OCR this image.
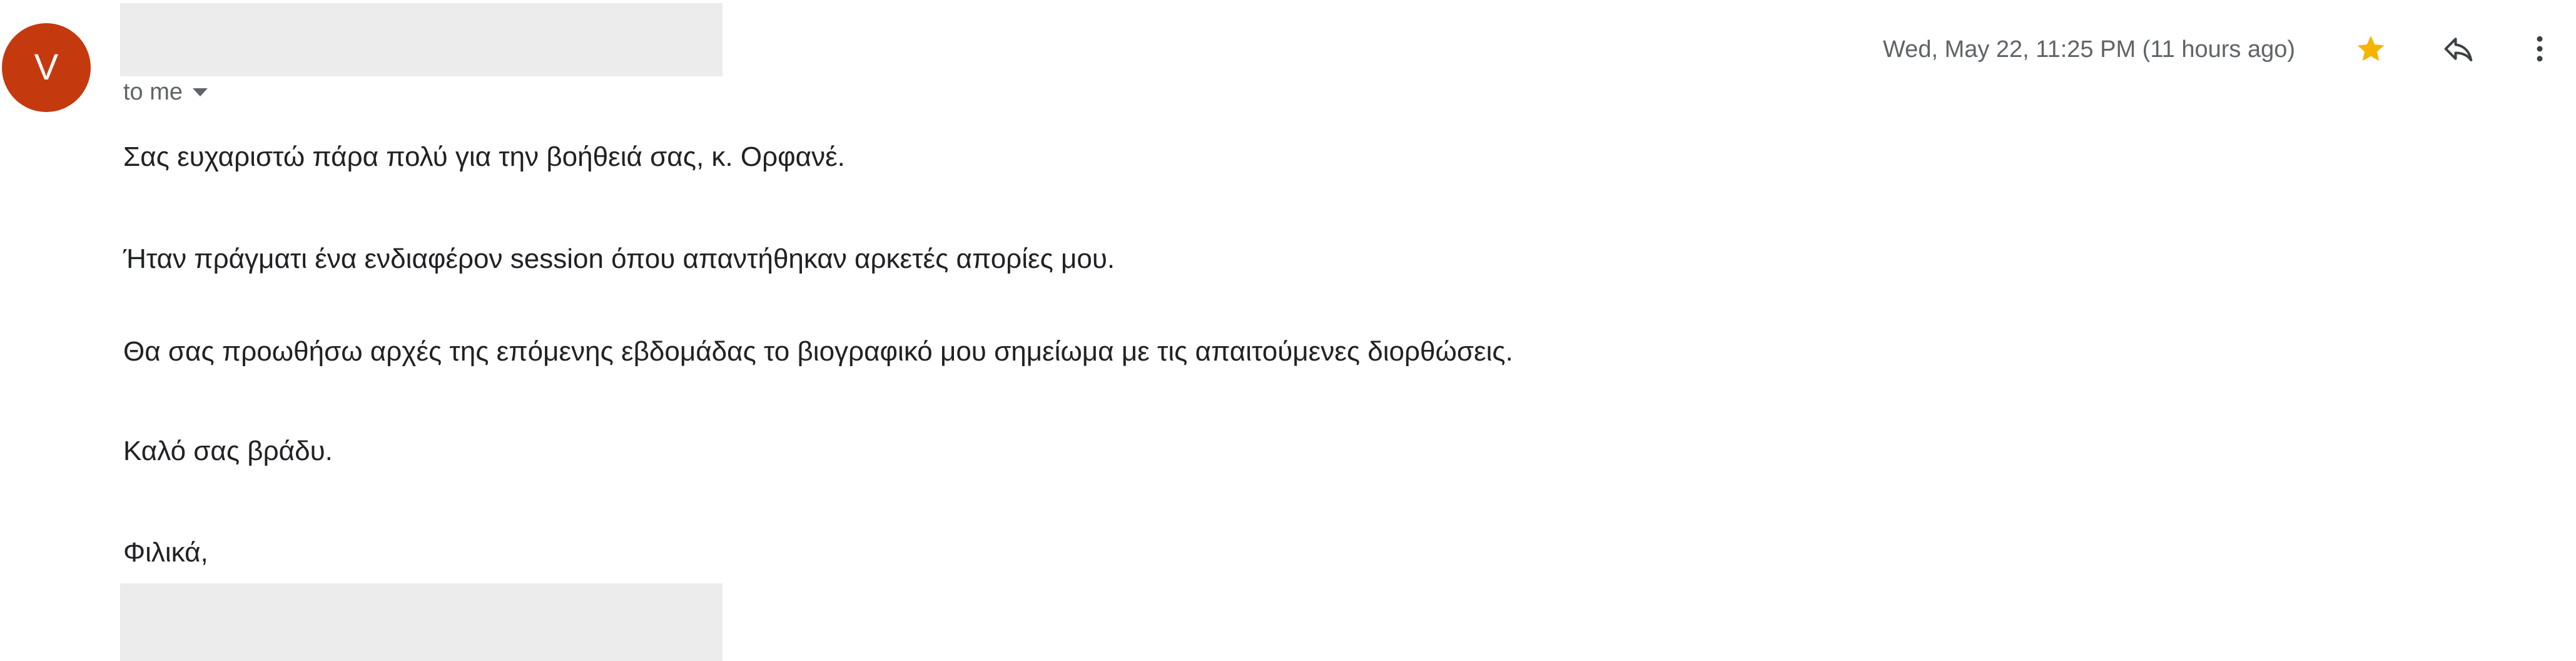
V
to me
Wed, May 22, 11:25 PM (11 hours ago)
Σας ευχαριστώ πάρα πολύ για την βοήθειά σας, κ. Ορφανέ.
Ήταν πράγματι ένα ενδιαφέρον session όπου απαντήθηκαν αρκετές απορίες μου.
Θα σας προωθήσω αρχές της επόμενης εβδομάδας το βιογραφικό μου σημείωμα με τις απαιτούμενες διορθώσεις.
Καλό σας βράδυ.
Φιλικά,
